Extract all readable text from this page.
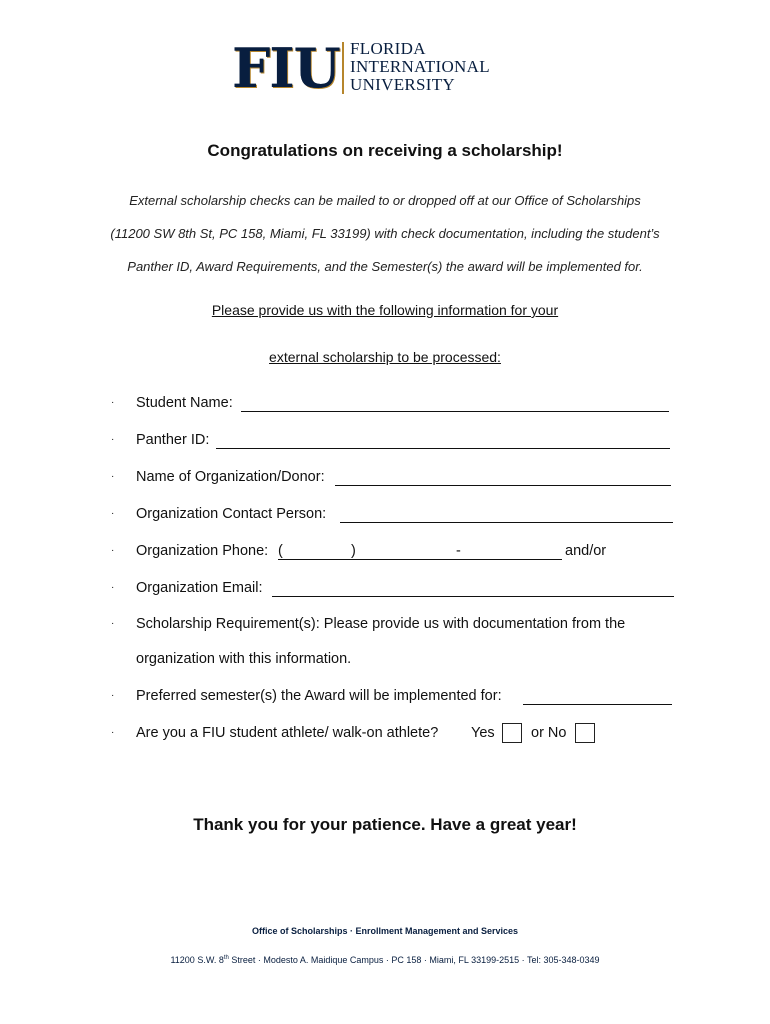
FIU FLORIDA
INTERNATIONAL
UNIVERSITY
Congratulations on receiving a scholarship!
External scholarship checks can be mailed to or dropped off at our Office of Scholarships
(11200 SW 8th St, PC 158, Miami, FL 33199) with check documentation, including the student’s
Panther ID, Award Requirements, and the Semester(s) the award will be implemented for.
Please provide us with the following information for your
external scholarship to be processed:
· Student Name:
· Panther ID:
· Name of Organization/Donor:
· Organization Contact Person:
· Organization Phone: (	)	-	and/or
· Organization Email:
· Scholarship Requirement(s): Please provide us with documentation from the
organization with this information.
· Preferred semester(s) the Award will be implemented for:
· Are you a FIU student athlete/ walk-on athlete? Yes	or No
Thank you for your patience. Have a great year!
Office of Scholarships · Enrollment Management and Services
11200 S.W. 8th Street · Modesto A. Maidique Campus · PC 158 · Miami, FL 33199-2515 · Tel: 305-348-0349
